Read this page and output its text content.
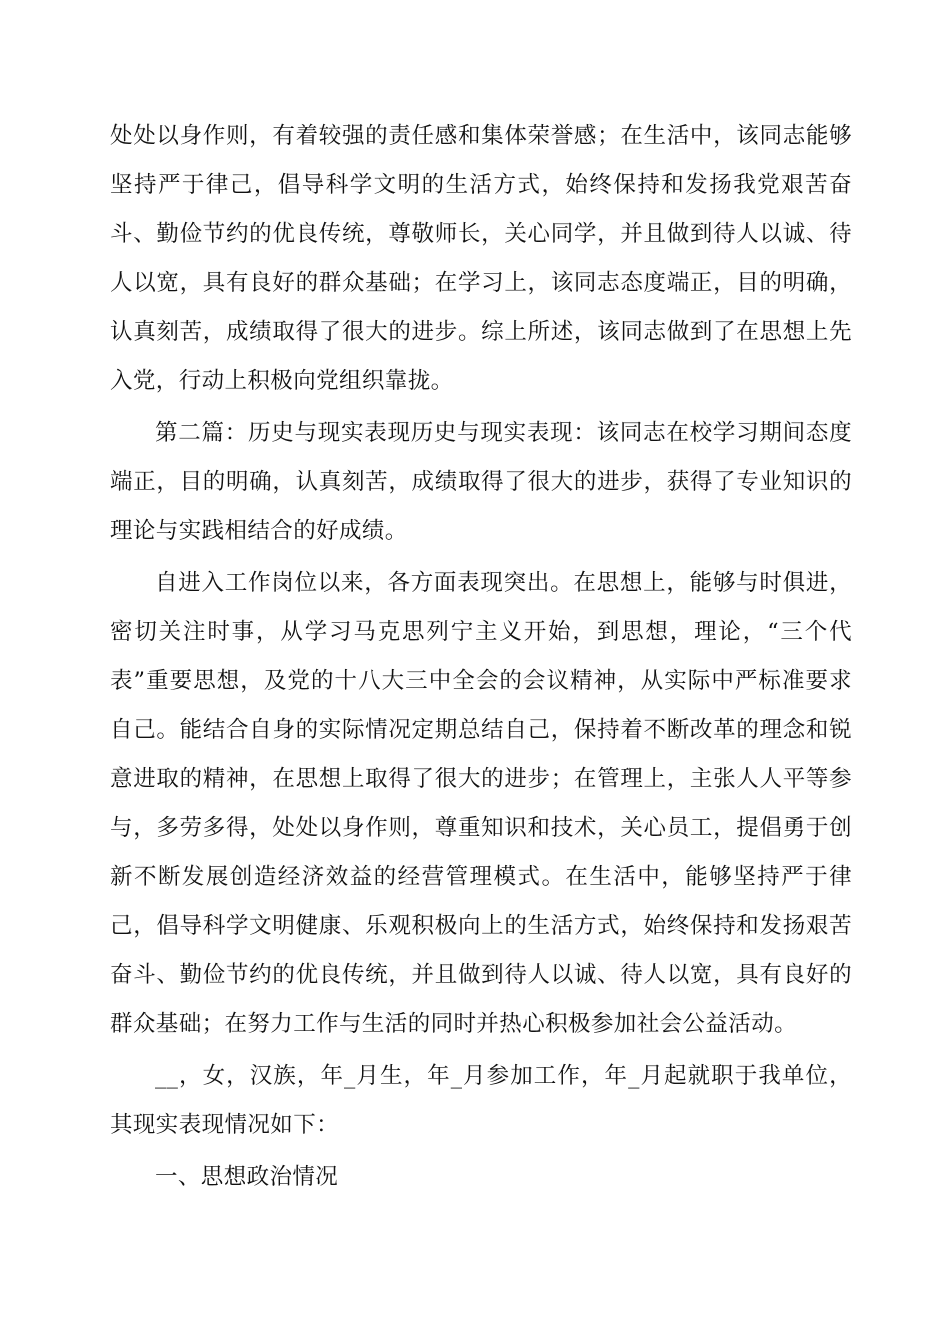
处处以身作则，有着较强的责任感和集体荣誉感；在生活中，该同志能够坚持严于律己，倡导科学文明的生活方式，始终保持和发扬我党艰苦奋斗、勤俭节约的优良传统，尊敬师长，关心同学，并且做到待人以诚、待人以宽，具有良好的群众基础；在学习上，该同志态度端正，目的明确，认真刻苦，成绩取得了很大的进步。综上所述，该同志做到了在思想上先入党，行动上积极向党组织靠拢。

第二篇：历史与现实表现历史与现实表现：该同志在校学习期间态度端正，目的明确，认真刻苦，成绩取得了很大的进步，获得了专业知识的理论与实践相结合的好成绩。

自进入工作岗位以来，各方面表现突出。在思想上，能够与时俱进，密切关注时事，从学习马克思列宁主义开始，到思想，理论，“三个代表”重要思想，及党的十八大三中全会的会议精神，从实际中严标准要求自己。能结合自身的实际情况定期总结自己，保持着不断改革的理念和锐意进取的精神，在思想上取得了很大的进步；在管理上，主张人人平等参与，多劳多得，处处以身作则，尊重知识和技术，关心员工，提倡勇于创新不断发展创造经济效益的经营管理模式。在生活中，能够坚持严于律己，倡导科学文明健康、乐观积极向上的生活方式，始终保持和发扬艰苦奋斗、勤俭节约的优良传统，并且做到待人以诚、待人以宽，具有良好的群众基础；在努力工作与生活的同时并热心积极参加社会公益活动。

__，女，汉族，年_月生，年_月参加工作，年_月起就职于我单位，其现实表现情况如下：

一、思想政治情况
